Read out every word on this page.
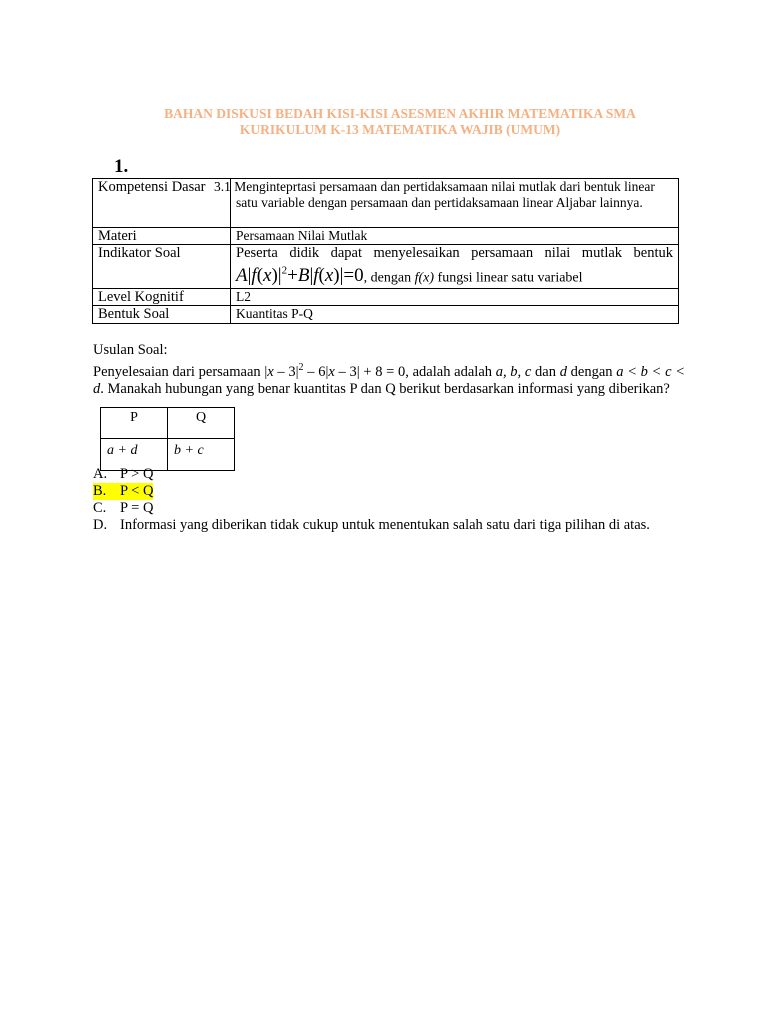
BAHAN DISKUSI BEDAH KISI-KISI ASESMEN AKHIR MATEMATIKA SMA
KURIKULUM K-13 MATEMATIKA WAJIB (UMUM)
1.
Kompetensi Dasar	3.1 Menginteprtasi persamaan dan pertidaksamaan nilai mutlak dari bentuk linear satu variable dengan persamaan dan pertidaksamaan linear Aljabar lainnya.
Materi	Persamaan Nilai Mutlak
Indikator Soal	Peserta didik dapat menyelesaikan persamaan nilai mutlak bentuk
$A|f(x)|^2+B|f(x)|=0$, dengan f(x) fungsi linear satu variabel

Level Kognitif	L2
Bentuk Soal	Kuantitas P-Q

Usulan Soal:

Penyelesaian dari persamaan $|x - 3|^2 - 6|x - 3| + 8 = 0$, adalah adalah a, b, c dan d dengan a < b < c < d. Manakah hubungan yang benar kuantitas P dan Q berikut berdasarkan informasi yang diberikan?

P	Q
a + d	b + c
A. P > Q
B. P < Q
C. P = Q
D. Informasi yang diberikan tidak cukup untuk menentukan salah satu dari tiga pilihan di atas.
